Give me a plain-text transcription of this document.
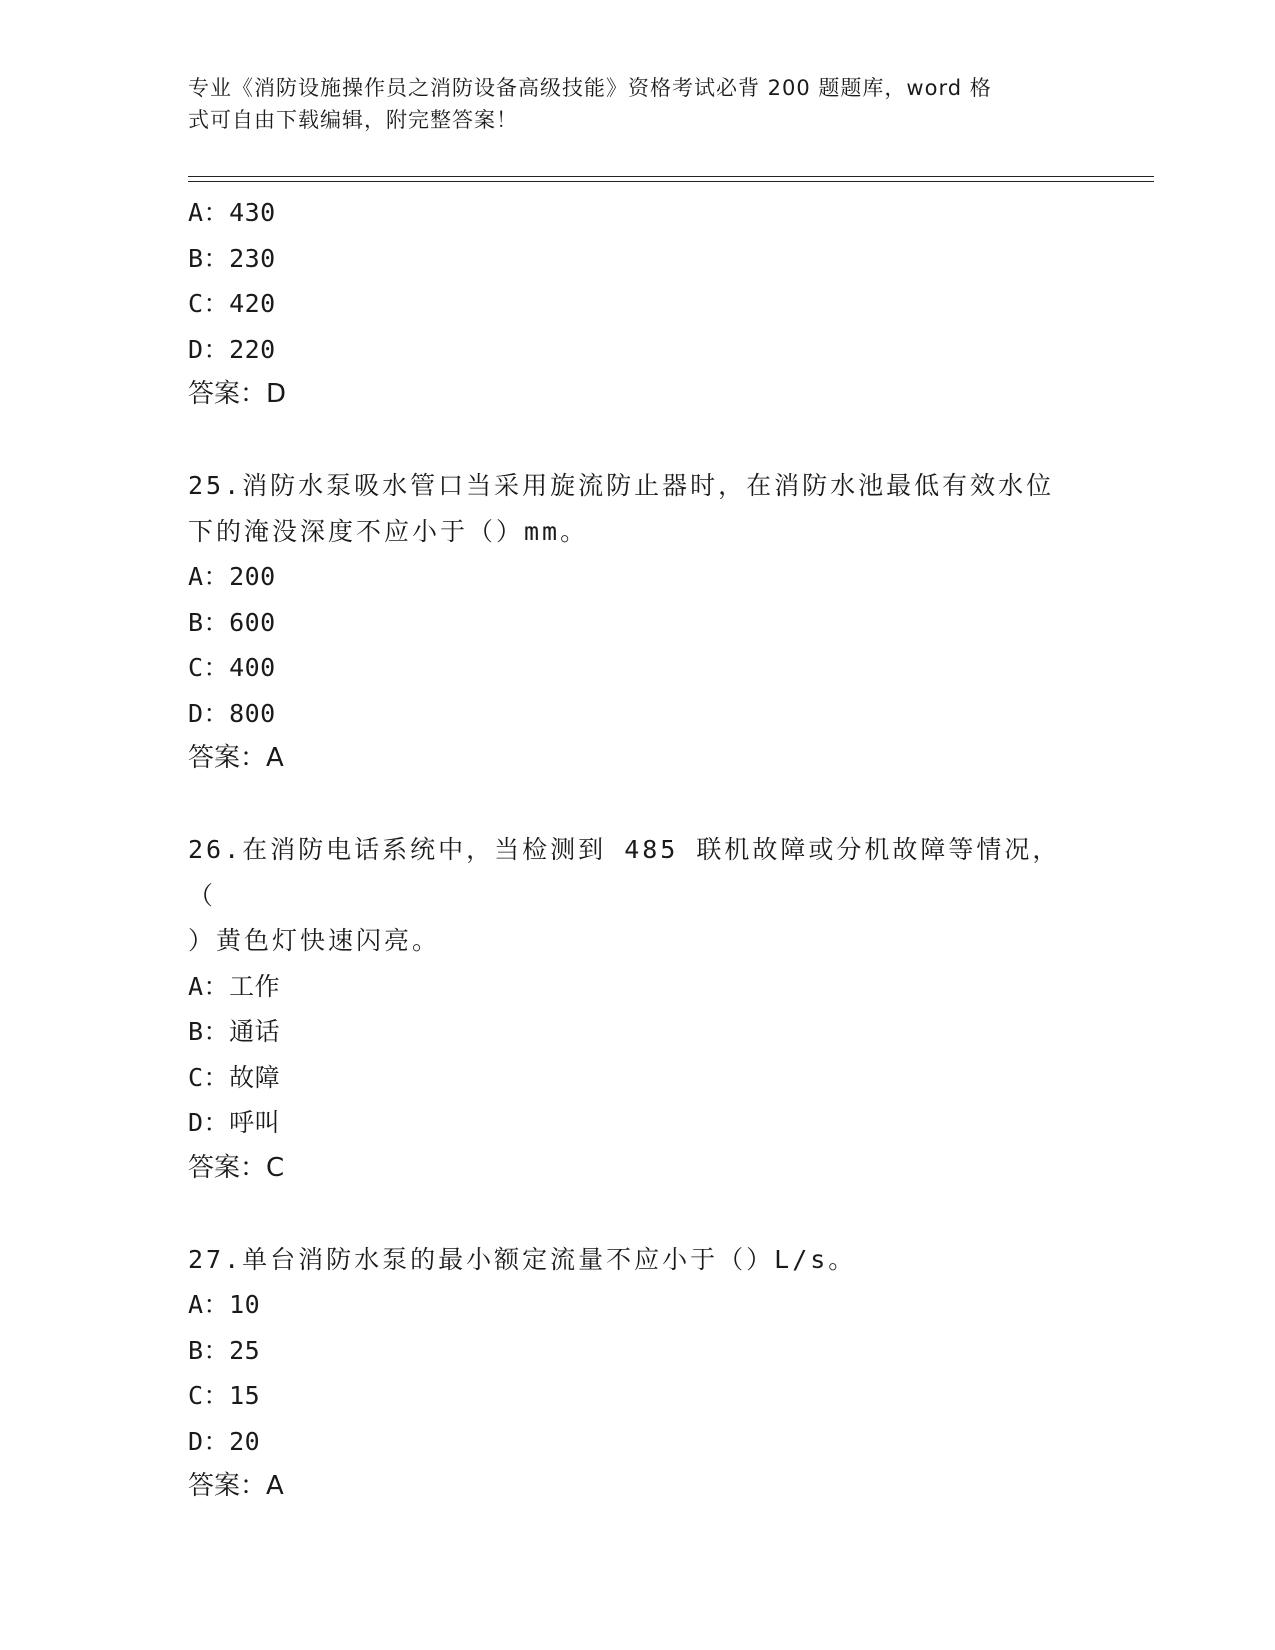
专业《消防设施操作员之消防设备高级技能》资格考试必背 200 题题库，word 格
式可自由下载编辑，附完整答案！
A：430
B：230
C：420
D：220
答案：D
25.消防水泵吸水管口当采用旋流防止器时，在消防水池最低有效水位
下的淹没深度不应小于（）mm。
A：200
B：600
C：400
D：800
答案：A
26.在消防电话系统中，当检测到 485 联机故障或分机故障等情况，（
）黄色灯快速闪亮。
A：工作
B：通话
C：故障
D：呼叫
答案：C
27.单台消防水泵的最小额定流量不应小于（）L/s。
A：10
B：25
C：15
D：20
答案：A
